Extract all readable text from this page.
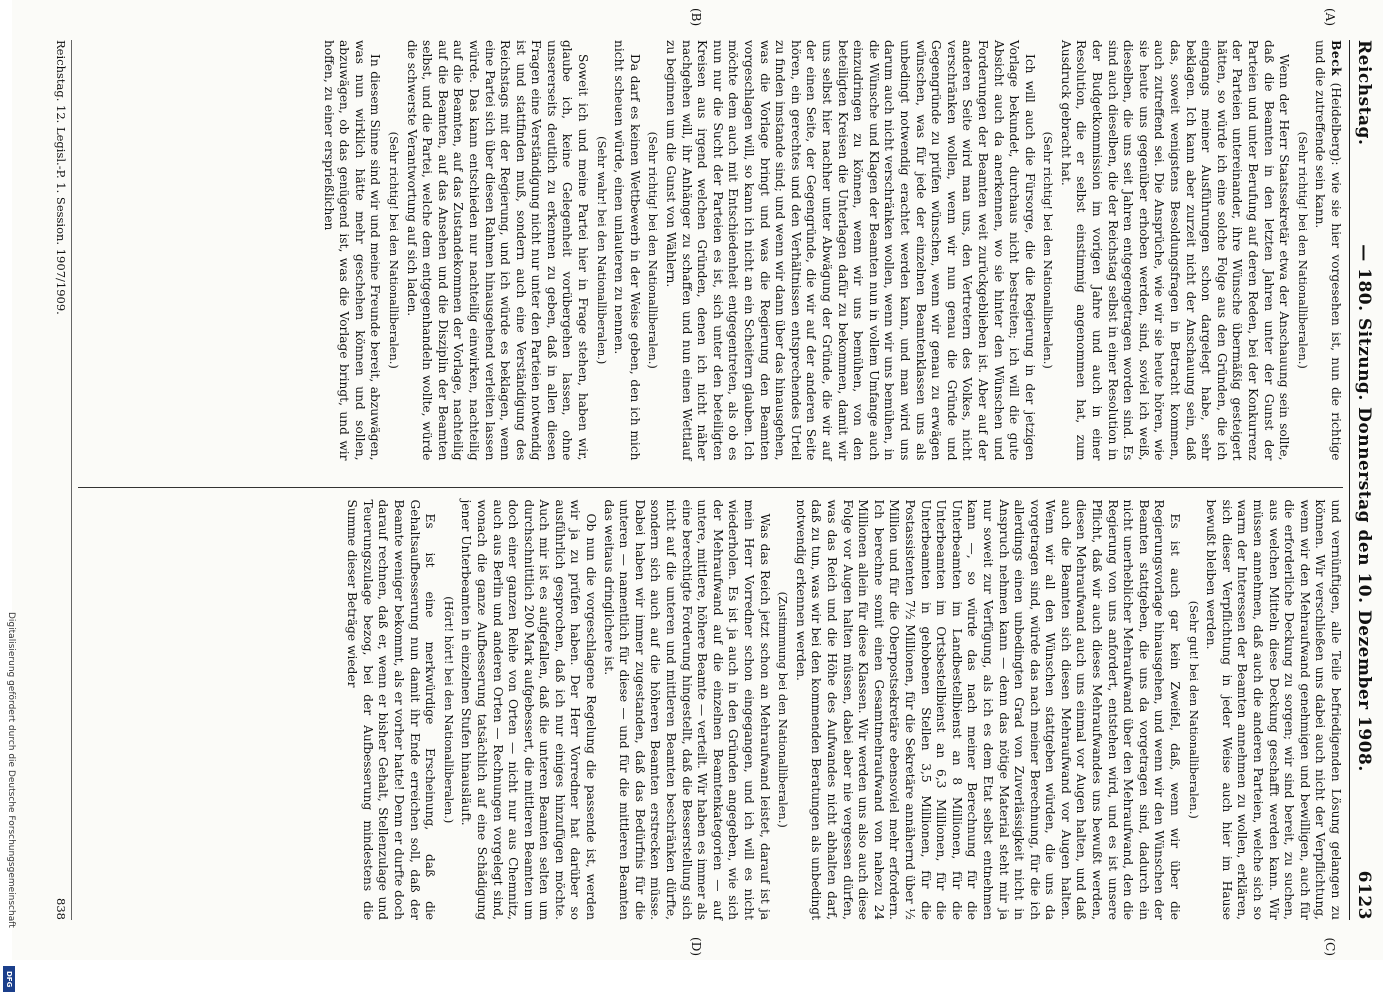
Reichstag.
— 180. Sitzung. Donnerstag den 10. Dezember 1908.
6123
(A)
(B)

Beck (Heidelberg): wie sie hier vorgesehen ist, nun die richtige und die zutreffende sein kann.

(Sehr richtig! bei den Nationalliberalen.)

Wenn der Herr Staatssekretär etwa der Anschauung sein sollte, daß die Beamten in den letzten Jahren unter der Gunst der Parteien und unter Berufung auf deren Reden, bei der Konkurrenz der Parteien untereinander, ihre Wünsche übermäßig gesteigert hätten, so würde ich eine solche Folge aus den Gründen, die ich eingangs meiner Ausführungen schon dargelegt habe, sehr beklagen. Ich kann aber zurzeit nicht der Anschauung sein, daß das, soweit wenigstens Besoldungsfragen in Betracht kommen, auch zutreffend sei. Die Ansprüche, wie wir sie heute hören, wie sie heute uns gegenüber erhoben werden, sind, soviel ich weiß, dieselben, die uns seit Jahren entgegengetragen worden sind. Es sind auch dieselben, die der Reichstag selbst in einer Resolution in der Budgetkommission im vorigen Jahre und auch in einer Resolution, die er selbst einstimmig angenommen hat, zum Ausdruck gebracht hat.

(Sehr richtig! bei den Nationalliberalen.)

Ich will auch die Fürsorge, die die Regierung in der jetzigen Vorlage bekundet, durchaus nicht bestreiten; ich will die gute Absicht auch da anerkennen, wo sie hinter den Wünschen und Forderungen der Beamten weit zurückgeblieben ist. Aber auf der anderen Seite wird man uns, den Vertretern des Volkes, nicht verschränken wollen, wenn wir nun genau die Gründe und Gegengründe zu prüfen wünschen, wenn wir genau zu erwägen wünschen, was für jede der einzelnen Beamtenklassen uns als unbedingt notwendig erachtet werden kann, und man wird uns darum auch nicht verschränken wollen, wenn wir uns bemühen, in die Wünsche und Klagen der Beamten nun in vollem Umfange auch einzudringen zu können, wenn wir uns bemühen, von den beteiligten Kreisen die Unterlagen dafür zu bekommen, damit wir uns selbst hier nachher unter Abwägung der Gründe, die wir auf der einen Seite, der Gegengründe, die wir auf der anderen Seite hören, ein gerechtes und den Verhältnissen entsprechendes Urteil zu finden imstande sind; und wenn wir dann über das hinausgehen, was die Vorlage bringt und was die Regierung den Beamten vorgeschlagen will, so kann ich nicht an ein Scheitern glauben. Ich möchte dem auch mit Entschiedenheit entgegentreten, als ob es nun nur die Sucht der Parteien es ist, sich unter den beteiligten Kreisen aus irgend welchen Gründen, denen ich nicht näher nachgehen will, ihr Anhänger zu schaffen und nun einen Wettlauf zu beginnen um die Gunst von Wählern.

(Sehr richtig! bei den Nationalliberalen.)

Da darf es keinen Wettbewerb in der Weise geben, den ich mich nicht scheuen würde, einen unlauteren zu nennen.

(Sehr wahr! bei den Nationalliberalen.)

Soweit ich und meine Partei hier in Frage stehen, haben wir, glaube ich, keine Gelegenheit vorübergehen lassen, ohne unsererseits deutlich zu erkennen zu geben, daß in allen diesen Fragen eine Verständigung nicht nur unter den Parteien notwendig ist und stattfinden muß, sondern auch eine Verständigung des Reichstags mit der Regierung, und ich würde es beklagen, wenn eine Partei sich über diesen Rahmen hinausgehend verleiten lassen würde. Das kann entschieden nur nachteilig einwirken, nachteilig auf die Beamten, auf das Zustandekommen der Vorlage, nachteilig auf die Beamten, auf das Ansehen und die Disziplin der Beamten selbst, und die Partei, welche dem entgegenhandeln wollte, würde die schwerste Verantwortung auf sich laden.

(Sehr richtig! bei den Nationalliberalen.)

In diesem Sinne sind wir und meine Freunde bereit, abzuwägen, was nun wirklich hätte mehr geschehen können und sollen, abzuwägen, ob das genügend ist, was die Vorlage bringt, und wir hoffen, zu einer ersprießlichen

(C)
(D)

und vernünftigen, alle Teile befriedigenden Lösung gelangen zu können. Wir verschließen uns dabei auch nicht der Verpflichtung, wenn wir den Mehraufwand genehmigen und bewilligen, auch für die erforderliche Deckung zu sorgen; wir sind bereit, zu suchen, aus welchen Mitteln diese Deckung geschafft werden kann. Wir müssen annehmen, daß auch die anderen Parteien, welche sich so warm der Interessen der Beamten annehmen zu wollen, erklären, sich dieser Verpflichtung in jeder Weise auch hier im Hause bewußt bleiben werden.

(Sehr gut! bei den Nationalliberalen.)

Es ist auch gar kein Zweifel, daß, wenn wir über die Regierungsvorlage hinausgehen, und wenn wir den Wünschen der Beamten stattgeben, die uns da vorgetragen sind, dadurch ein nicht unerheblicher Mehraufwand über den Mehraufwand, den die Regierung von uns anfordert, entstehen wird, und es ist unsere Pflicht, daß wir auch dieses Mehraufwandes uns bewußt werden, diesen Mehraufwand auch uns einmal vor Augen halten, und daß auch die Beamten sich diesen Mehraufwand vor Augen halten. Wenn wir all den Wünschen stattgeben würden, die uns da vorgetragen sind, würde das nach meiner Berechnung, für die ich allerdings einen unbedingten Grad von Zuverlässigkeit nicht in Anspruch nehmen kann — denn das nötige Material steht mir ja nur soweit zur Verfügung, als ich es dem Etat selbst entnehmen kann —, so würde das nach meiner Berechnung für die Unterbeamten im Landbestellbienst an 8 Millionen, für die Unterbeamten im Ortsbestellbienst an 6,3 Millionen, für die Unterbeamten in gehobenen Stellen 3,5 Millionen, für die Postassistenten 7½ Millionen, für die Sekretäre annähernd über ½ Million und für die Oberpostsekretäre ebensoviel mehr erfordern. Ich berechne somit einen Gesamtmehraufwand von nahezu 24 Millionen allein für diese Klassen. Wir werden uns also auch diese Folge vor Augen halten müssen, dabei aber nie vergessen dürfen, was das Reich und die Höhe des Aufwandes nicht abhalten darf, daß zu tun, was wir bei den kommenden Beratungen als unbedingt notwendig erkennen werden.

(Zustimmung bei den Nationalliberalen.)

Was das Reich jetzt schon an Mehraufwand leistet, darauf ist ja mein Herr Vorredner schon eingegangen, und ich will es nicht wiederholen. Es ist ja auch in den Gründen angegeben, wie sich der Mehraufwand auf die einzelnen Beamtenkategorien — auf untere, mittlere, höhere Beamte — verteilt. Wir haben es immer als eine berechtigte Forderung hingestellt, daß die Besserstellung sich nicht auf die unteren und mittleren Beamten beschränken dürfte, sondern sich auch auf die höheren Beamten erstrecken müsse. Dabei haben wir immer zugestanden, daß das Bedürfnis für die unteren — namentlich für diese — und für die mittleren Beamten das weitaus dringlichere ist.

Ob nun die vorgeschlagene Regelung die passende ist, werden wir ja zu prüfen haben. Der Herr Vorredner hat darüber so ausführlich gesprochen, daß ich nur einiges hinzufügen möchte. Auch mir ist es aufgefallen, daß die unteren Beamten selten um durchschnittlich 200 Mark aufgebessert, die mittleren Beamten um doch einer ganzen Reihe von Orten — nicht nur aus Chemnitz, auch aus Berlin und anderen Orten — Rechnungen vorgelegt sind, wonach die ganze Aufbesserung tatsächlich auf eine Schädigung jener Unterbeamten in einzelnen Stufen hinausläuft.

(Hört! hört! bei den Nationalliberalen.)

Es ist eine merkwürdige Erscheinung, daß die Gehaltsaufbesserung nun damit ihr Ende erreichen soll, daß der Beamte weniger bekommt, als er vorher hatte! Denn er durfte doch darauf rechnen, daß er, wenn er bisher Gehalt, Stellenzulage und Teuerungszulage bezog, bei der Aufbesserung mindestens die Summe dieser Beträge wieder

Reichstag. 12. Legisl.-P. 1. Session. 1907/1909.
838
Digitalisierung gefördert durch die Deutsche Forschungsgemeinschaft
DFG
